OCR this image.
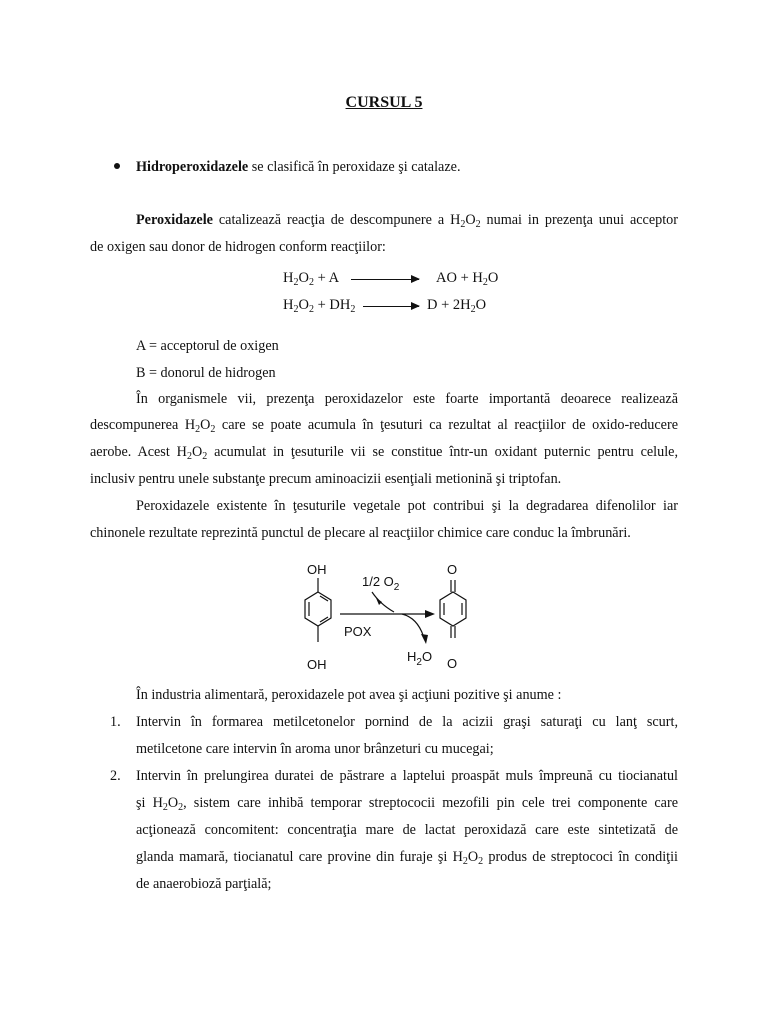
CURSUL 5
Hidroperoxidazele se clasifică în peroxidaze şi catalaze.
Peroxidazele catalizează reacţia de descompunere a $H_2O_2$ numai in prezenţa unui acceptor
de oxigen sau donor de hidrogen conform reacţiilor:
$H_2O_2 + A$	AO + $H_2O$
$H_2O_2 + DH_2$	$D + 2H_2O$
A = acceptorul de oxigen
B = donorul de hidrogen
În organismele vii, prezenţa peroxidazelor este foarte importantă deoarece realizează
descompunerea $H_2O_2$ care se poate acumula în ţesuturi ca rezultat al reacţiilor de oxido-reducere
aerobe. Acest $H_2O_2$ acumulat in ţesuturile vii se constitue într-un oxidant puternic pentru celule,
inclusiv pentru unele substanţe precum aminoacizii esenţiali metionină şi triptofan.
Peroxidazele existente în ţesuturile vegetale pot contribui şi la degradarea difenolilor iar
chinonele rezultate reprezintă punctul de plecare al reacţiilor chimice care conduc la îmbrunări.
OH
OH
1/2 $O_2$
POX
$H_2O$
O
O
În industria alimentară, peroxidazele pot avea şi acţiuni pozitive şi anume :
1.	Intervin în formarea metilcetonelor pornind de la acizii graşi saturaţi cu lanţ scurt,
metilcetone care intervin în aroma unor brânzeturi cu mucegai;
2.	Intervin în prelungirea duratei de păstrare a laptelui proaspăt muls împreună cu tiocianatul
şi $H_2O_2$, sistem care inhibă temporar streptococii mezofili pin cele trei componente care
acţionează concomitent: concentraţia mare de lactat peroxidază care este sintetizată de
glanda mamară, tiocianatul care provine din furaje şi $H_2O_2$ produs de streptococi în condiţii
de anaerobioză parţială;
